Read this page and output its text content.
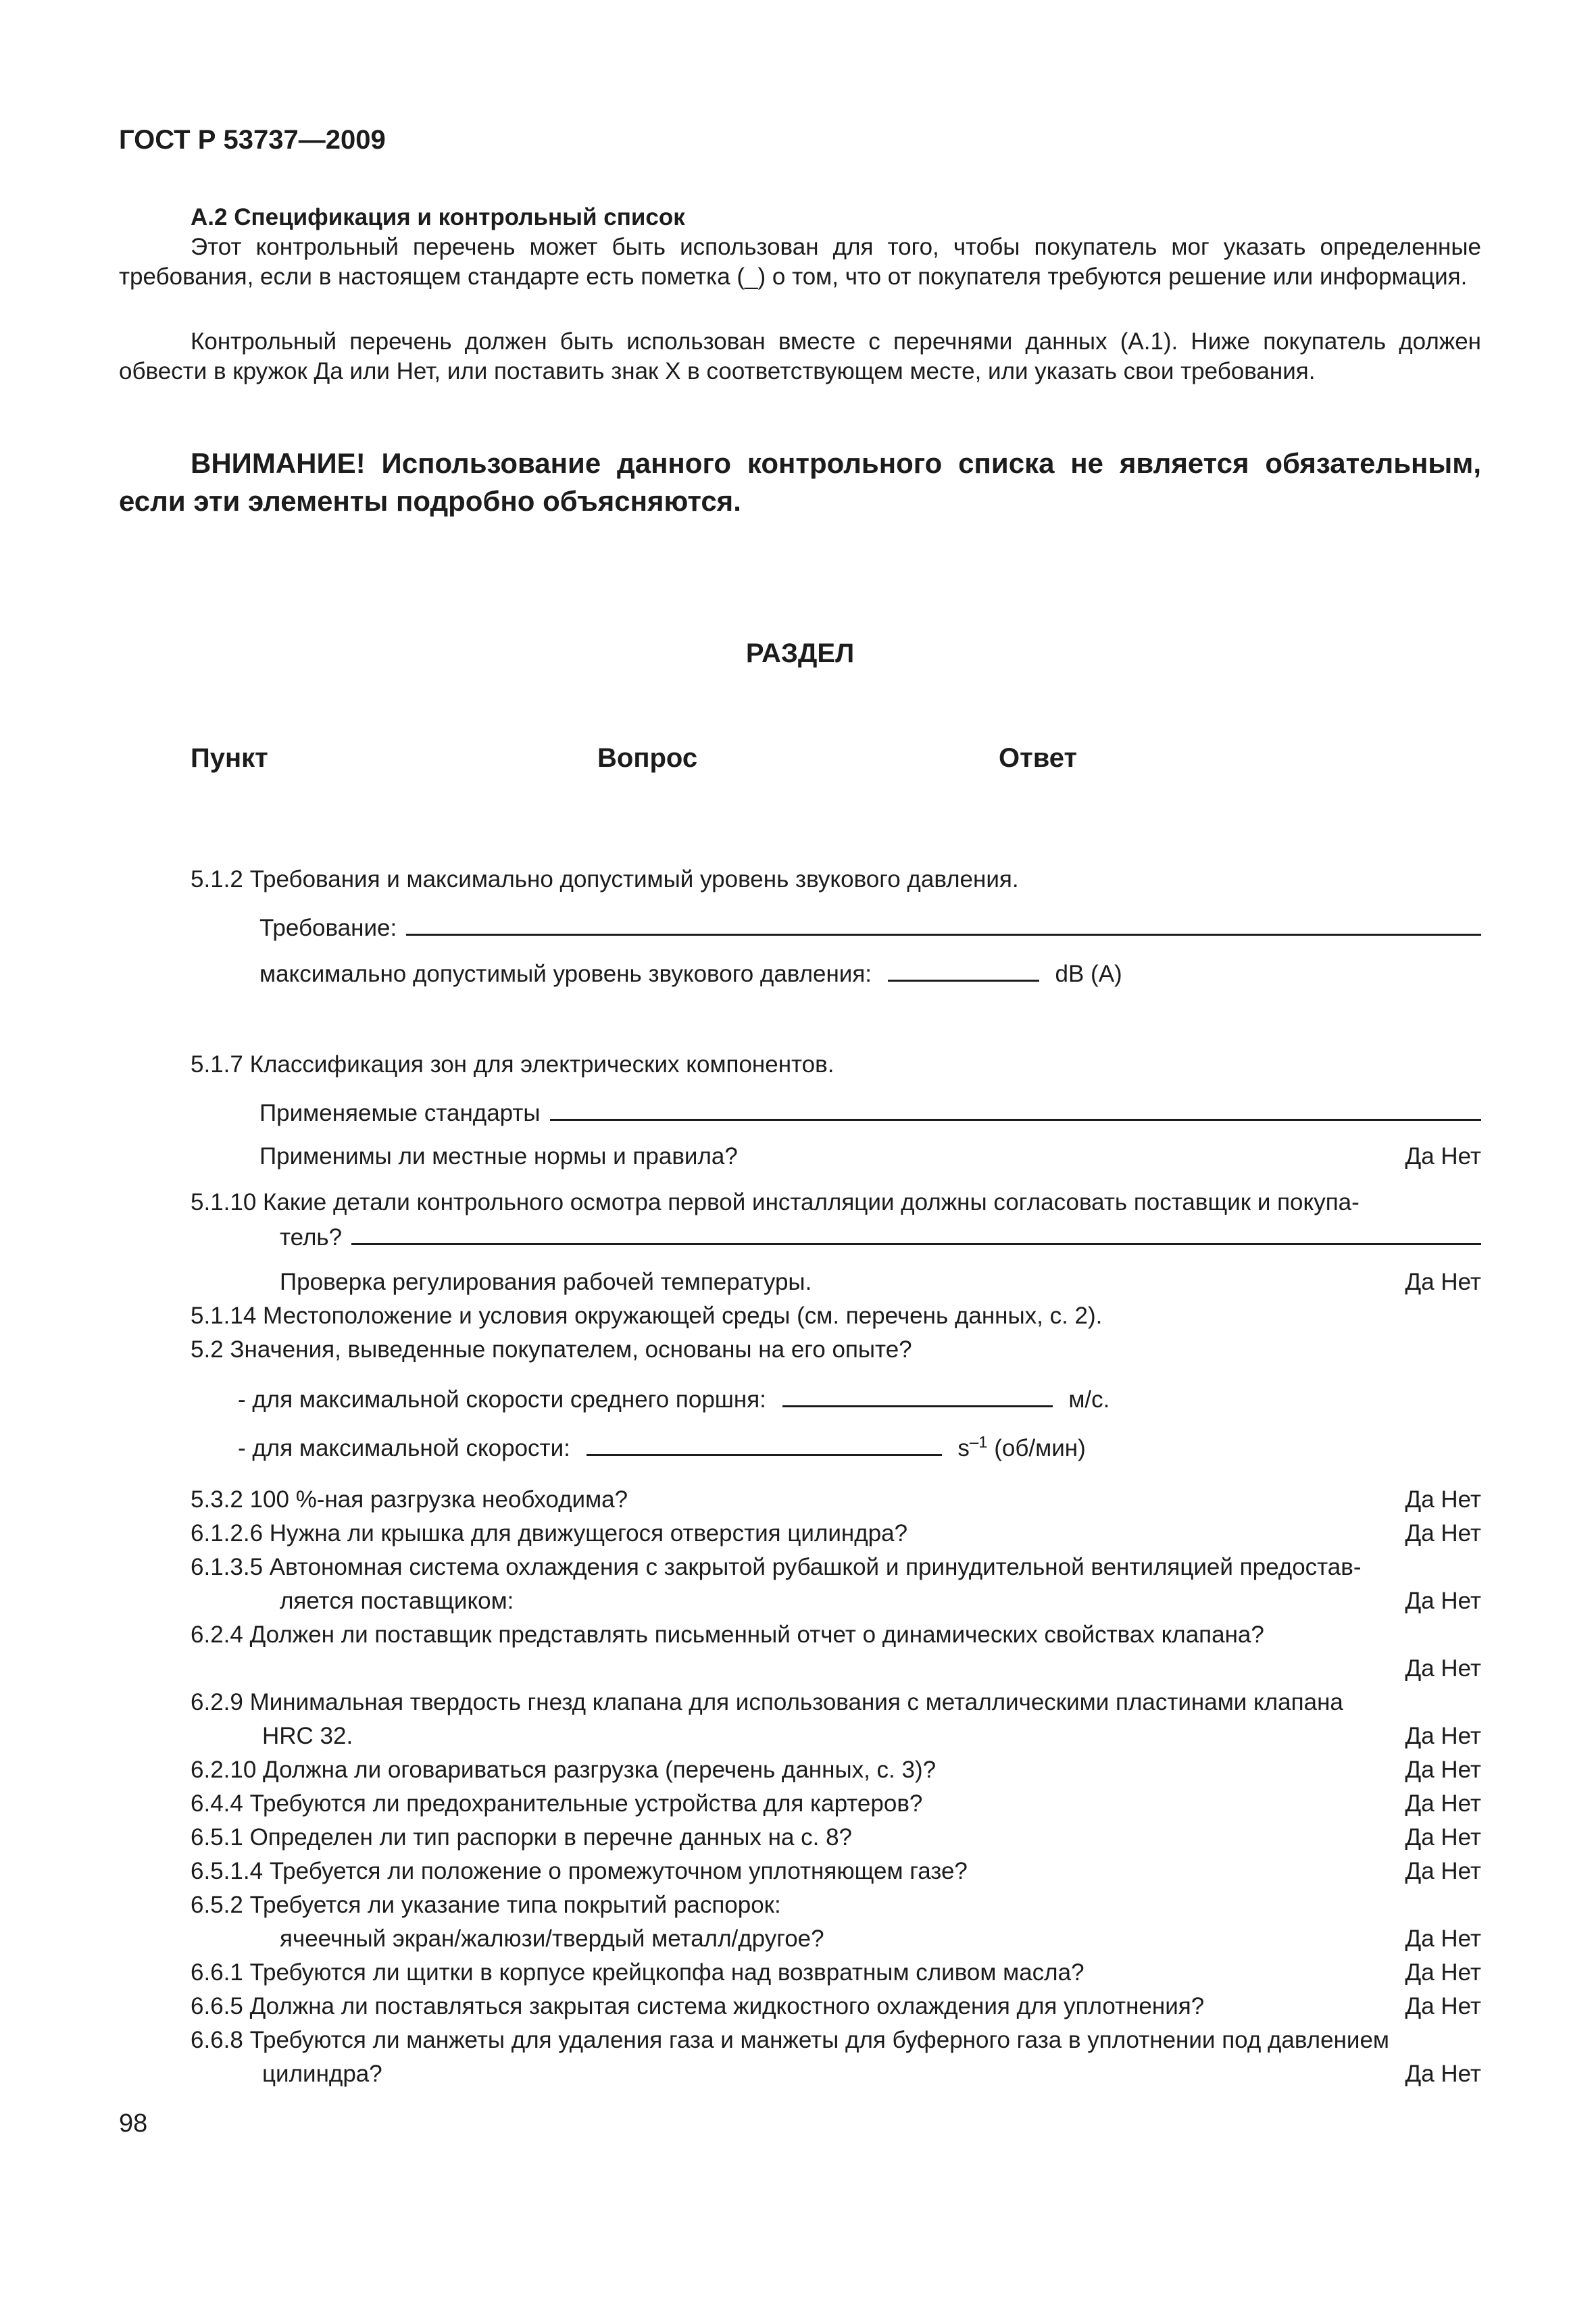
ГОСТ Р 53737—2009
А.2 Спецификация и контрольный список
Этот контрольный перечень может быть использован для того, чтобы покупатель мог указать определенные требования, если в настоящем стандарте есть пометка (_) о том, что от покупателя требуются решение или информация.
Контрольный перечень должен быть использован вместе с перечнями данных (А.1). Ниже покупатель должен обвести в кружок Да или Нет, или поставить знак X в соответствующем месте, или указать свои требования.
ВНИМАНИЕ! Использование данного контрольного списка не является обязательным, если эти элементы подробно объясняются.
РАЗДЕЛ
Пункт	Вопрос	Ответ
5.1.2 Требования и максимально допустимый уровень звукового давления.
Требование:
максимально допустимый уровень звукового давления:	dB (A)
5.1.7 Классификация зон для электрических компонентов.
Применяемые стандарты
Применимы ли местные нормы и правила?	Да Нет
5.1.10 Какие детали контрольного осмотра первой инсталляции должны согласовать поставщик и покупа-
тель?
Проверка регулирования рабочей температуры.	Да Нет
5.1.14 Местоположение и условия окружающей среды (см. перечень данных, с. 2).
5.2 Значения, выведенные покупателем, основаны на его опыте?
- для максимальной скорости среднего поршня:	м/с.
- для максимальной скорости:	$s^{-1}$ (об/мин)
5.3.2 100 %-ная разгрузка необходима?	Да Нет
6.1.2.6 Нужна ли крышка для движущегося отверстия цилиндра?	Да Нет
6.1.3.5 Автономная система охлаждения с закрытой рубашкой и принудительной вентиляцией предостав-
ляется поставщиком:	Да Нет
6.2.4 Должен ли поставщик представлять письменный отчет о динамических свойствах клапана?
Да Нет
6.2.9 Минимальная твердость гнезд клапана для использования с металлическими пластинами клапана
HRC 32.	Да Нет
6.2.10 Должна ли оговариваться разгрузка (перечень данных, с. 3)?	Да Нет
6.4.4 Требуются ли предохранительные устройства для картеров?	Да Нет
6.5.1 Определен ли тип распорки в перечне данных на с. 8?	Да Нет
6.5.1.4 Требуется ли положение о промежуточном уплотняющем газе?	Да Нет
6.5.2 Требуется ли указание типа покрытий распорок:
ячеечный экран/жалюзи/твердый металл/другое?	Да Нет
6.6.1 Требуются ли щитки в корпусе крейцкопфа над возвратным сливом масла?	Да Нет
6.6.5 Должна ли поставляться закрытая система жидкостного охлаждения для уплотнения?	Да Нет
6.6.8 Требуются ли манжеты для удаления газа и манжеты для буферного газа в уплотнении под давлением
цилиндра?	Да Нет
98
